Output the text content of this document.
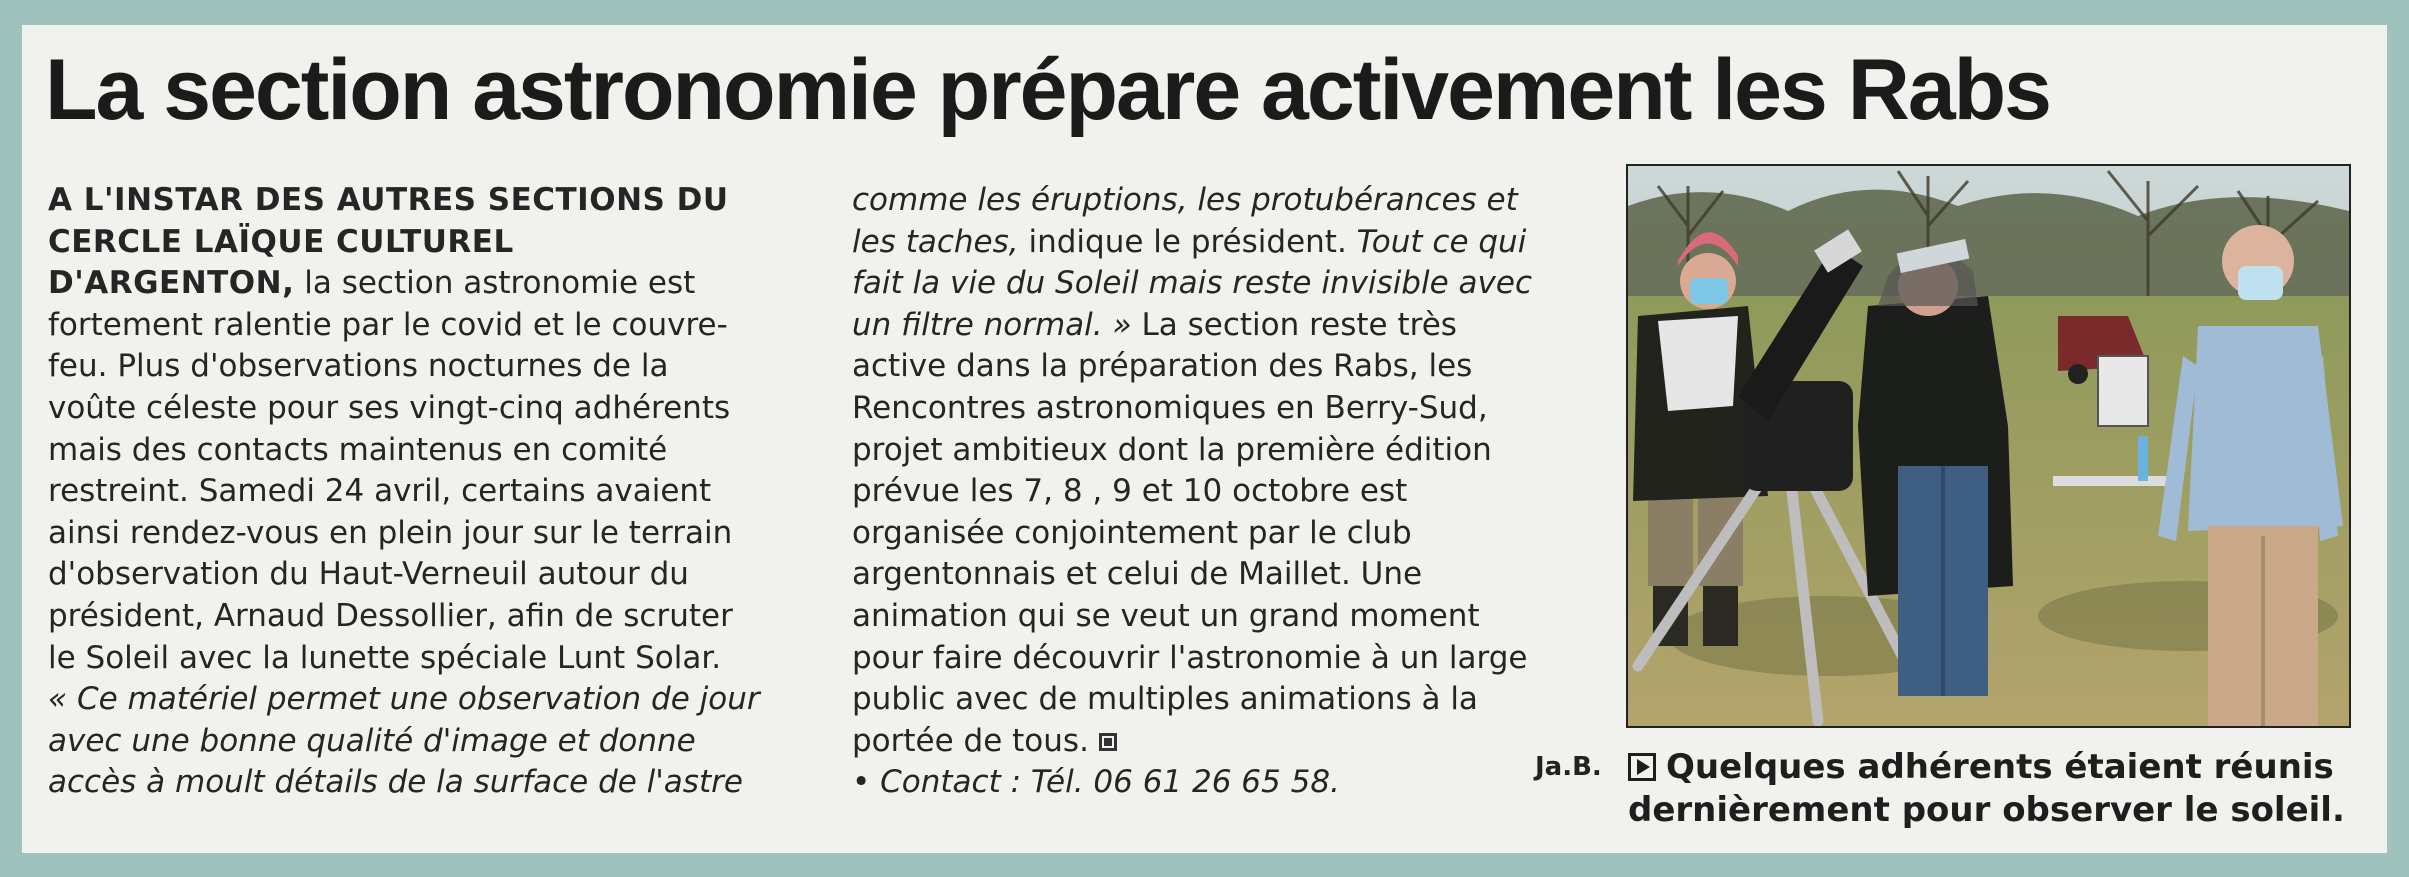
La section astronomie prépare activement les Rabs
A L'INSTAR DES AUTRES SECTIONS DU
CERCLE LAÏQUE CULTUREL
D'ARGENTON, la section astronomie est
fortement ralentie par le covid et le couvre-
feu. Plus d'observations nocturnes de la
voûte céleste pour ses vingt-cinq adhérents
mais des contacts maintenus en comité
restreint. Samedi 24 avril, certains avaient
ainsi rendez-vous en plein jour sur le terrain
d'observation du Haut-Verneuil autour du
président, Arnaud Dessollier, afin de scruter
le Soleil avec la lunette spéciale Lunt Solar.
« Ce matériel permet une observation de jour
avec une bonne qualité d'image et donne
accès à moult détails de la surface de l'astre
comme les éruptions, les protubérances et
les taches, indique le président. Tout ce qui
fait la vie du Soleil mais reste invisible avec
un filtre normal. » La section reste très
active dans la préparation des Rabs, les
Rencontres astronomiques en Berry-Sud,
projet ambitieux dont la première édition
prévue les 7, 8 , 9 et 10 octobre est
organisée conjointement par le club
argentonnais et celui de Maillet. Une
animation qui se veut un grand moment
pour faire découvrir l'astronomie à un large
public avec de multiples animations à la
portée de tous.
• Contact : Tél. 06 61 26 65 58.	Ja.B.	Quelques adhérents étaient réunis
dernièrement pour observer le soleil.
